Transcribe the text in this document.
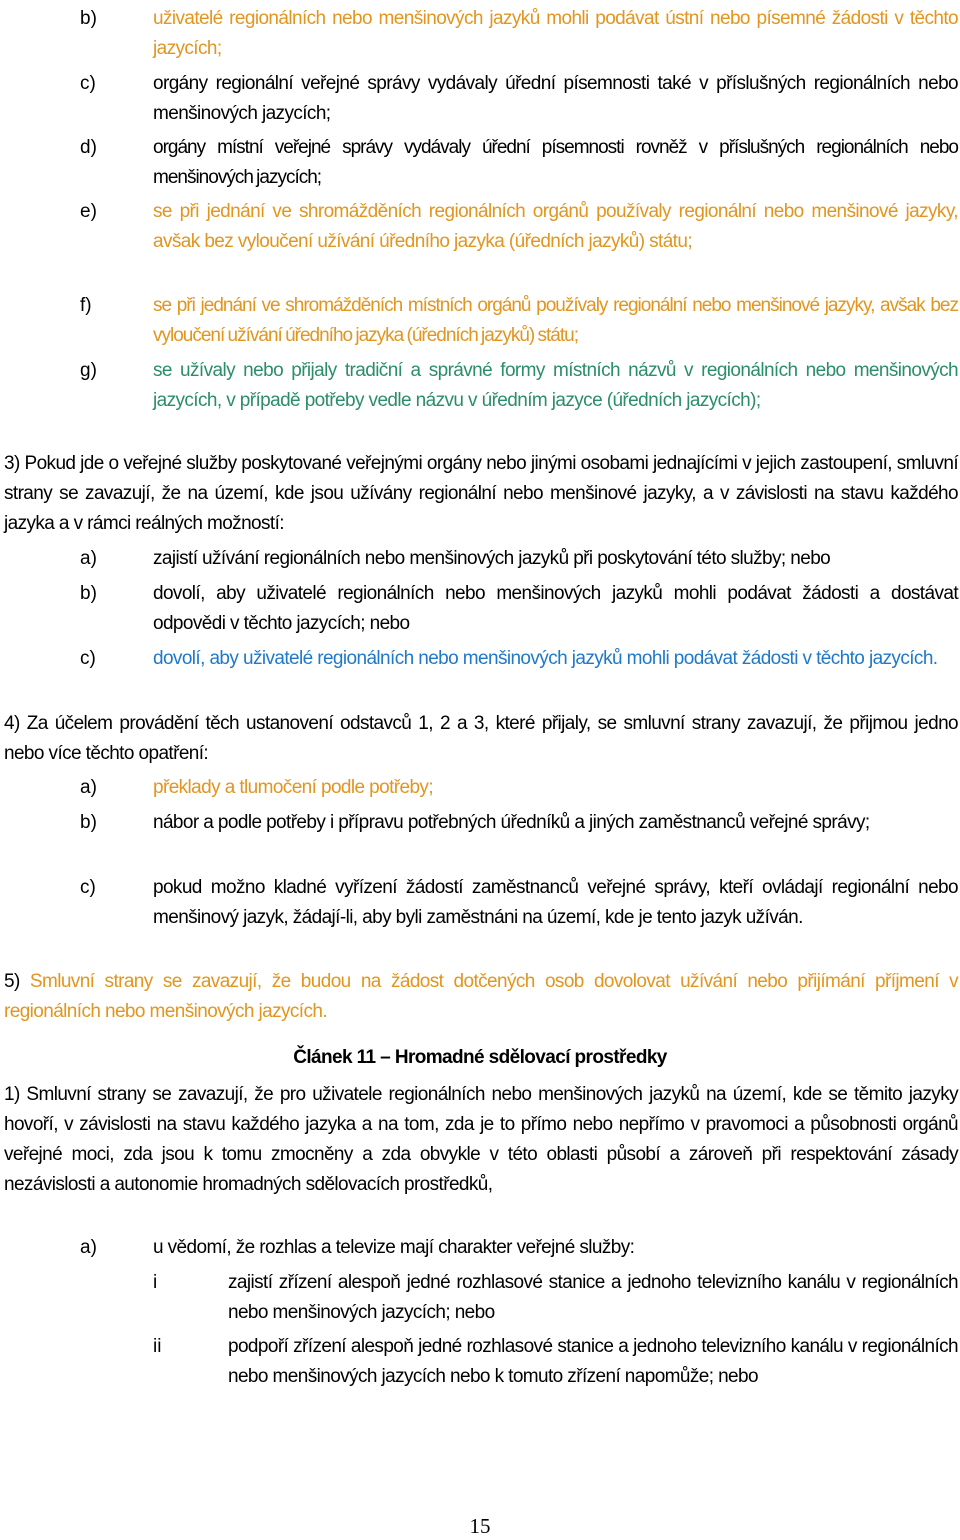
b)	uživatelé regionálních nebo menšinových jazyků mohli podávat ústní nebo písemné žádosti v těchto jazycích;
c)	orgány regionální veřejné správy vydávaly úřední písemnosti také v příslušných regionálních nebo menšinových jazycích;
d)	orgány místní veřejné správy vydávaly úřední písemnosti rovněž v příslušných regionálních nebo menšinových jazycích;
e)	se při jednání ve shromážděních regionálních orgánů používaly regionální nebo menšinové jazyky, avšak bez vyloučení užívání úředního jazyka (úředních jazyků) státu;
f)	se při jednání ve shromážděních místních orgánů používaly regionální nebo menšinové jazyky, avšak bez vyloučení užívání úředního jazyka (úředních jazyků) státu;
g)	se užívaly nebo přijaly tradiční a správné formy místních názvů v regionálních nebo menšinových jazycích, v případě potřeby vedle názvu v úředním jazyce (úředních jazycích);

3) Pokud jde o veřejné služby poskytované veřejnými orgány nebo jinými osobami jednajícími v jejich zastoupení, smluvní strany se zavazují, že na území, kde jsou užívány regionální nebo menšinové jazyky, a v závislosti na stavu každého jazyka a v rámci reálných možností:

a)	zajistí užívání regionálních nebo menšinových jazyků při poskytování této služby; nebo
b)	dovolí, aby uživatelé regionálních nebo menšinových jazyků mohli podávat žádosti a dostávat odpovědi v těchto jazycích; nebo
c)	dovolí, aby uživatelé regionálních nebo menšinových jazyků mohli podávat žádosti v těchto jazycích.

4) Za účelem provádění těch ustanovení odstavců 1, 2 a 3, které přijaly, se smluvní strany zavazují, že přijmou jedno nebo více těchto opatření:

a)	překlady a tlumočení podle potřeby;
b)	nábor a podle potřeby i přípravu potřebných úředníků a jiných zaměstnanců veřejné správy;
c)	pokud možno kladné vyřízení žádostí zaměstnanců veřejné správy, kteří ovládají regionální nebo menšinový jazyk, žádají-li, aby byli zaměstnáni na území, kde je tento jazyk užíván.

5) Smluvní strany se zavazují, že budou na žádost dotčených osob dovolovat užívání nebo přijímání příjmení v regionálních nebo menšinových jazycích.

Článek 11 – Hromadné sdělovací prostředky

1) Smluvní strany se zavazují, že pro uživatele regionálních nebo menšinových jazyků na území, kde se těmito jazyky hovoří, v závislosti na stavu každého jazyka a na tom, zda je to přímo nebo nepřímo v pravomoci a působnosti orgánů veřejné moci, zda jsou k tomu zmocněny a zda obvykle v této oblasti působí a zároveň při respektování zásady nezávislosti a autonomie hromadných sdělovacích prostředků,

a)	u vědomí, že rozhlas a televize mají charakter veřejné služby:
i	zajistí zřízení alespoň jedné rozhlasové stanice a jednoho televizního kanálu v regionálních nebo menšinových jazycích; nebo
ii	podpoří zřízení alespoň jedné rozhlasové stanice a jednoho televizního kanálu v regionálních nebo menšinových jazycích nebo k tomuto zřízení napomůže; nebo
15
